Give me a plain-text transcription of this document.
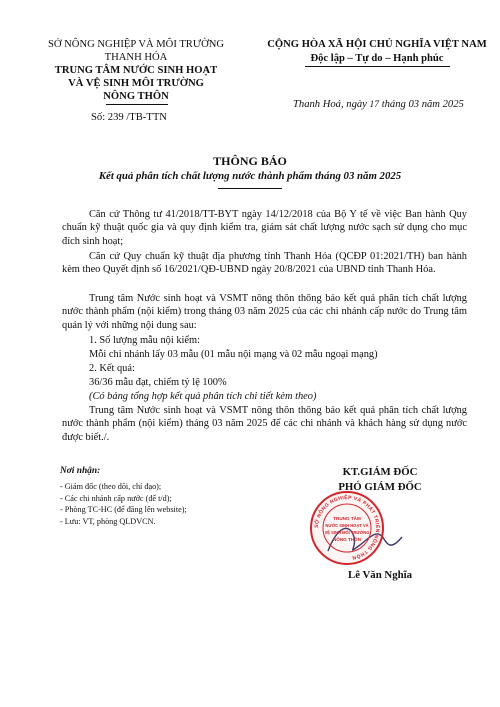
SỞ NÔNG NGHIỆP VÀ MÔI TRƯỜNG
THANH HÓA
TRUNG TÂM NƯỚC SINH HOẠT
VÀ VỆ SINH MÔI TRƯỜNG
NÔNG THÔN
Số: 239 /TB-TTN
CỘNG HÒA XÃ HỘI CHỦ NGHĨA VIỆT NAM
Độc lập – Tự do – Hạnh phúc
Thanh Hoá, ngày 17 tháng 03 năm 2025
THÔNG BÁO
Kết quả phân tích chất lượng nước thành phẩm tháng 03 năm 2025
Căn cứ Thông tư 41/2018/TT-BYT ngày 14/12/2018 của Bộ Y tế về việc Ban hành Quy chuẩn kỹ thuật quốc gia và quy định kiểm tra, giám sát chất lượng nước sạch sử dụng cho mục đích sinh hoạt;
Căn cứ Quy chuẩn kỹ thuật địa phương tỉnh Thanh Hóa (QCĐP 01:2021/TH) ban hành kèm theo Quyết định số 16/2021/QĐ-UBND ngày 20/8/2021 của UBND tỉnh Thanh Hóa.
Trung tâm Nước sinh hoạt và VSMT nông thôn thông báo kết quả phân tích chất lượng nước thành phẩm (nội kiểm) trong tháng 03 năm 2025 của các chi nhánh cấp nước do Trung tâm quản lý với những nội dung sau:
1. Số lượng mẫu nội kiểm:
Mỗi chi nhánh lấy 03 mẫu (01 mẫu nội mạng và 02 mẫu ngoại mạng)
2. Kết quả:
36/36 mẫu đạt, chiếm tỷ lệ 100%
(Có bảng tổng hợp kết quả phân tích chi tiết kèm theo)
Trung tâm Nước sinh hoạt và VSMT nông thôn thông báo kết quả phân tích chất lượng nước thành phẩm (nội kiểm) tháng 03 năm 2025 để các chi nhánh và khách hàng sử dụng nước được biết./.
Nơi nhận:
- Giám đốc (theo dõi, chỉ đạo);
- Các chi nhánh cấp nước (để t/d);
- Phòng TC-HC (để đăng lên website);
- Lưu: VT, phòng QLDVCN.
KT.GIÁM ĐỐC
PHÓ GIÁM ĐỐC
Lê Văn Nghĩa
SỞ NÔNG NGHIỆP VÀ PHÁT TRIỂN NÔNG THÔN
TRUNG TÂM
NƯỚC SINH HOẠT VÀ
VỆ SINH MÔI TRƯỜNG
NÔNG THÔN
